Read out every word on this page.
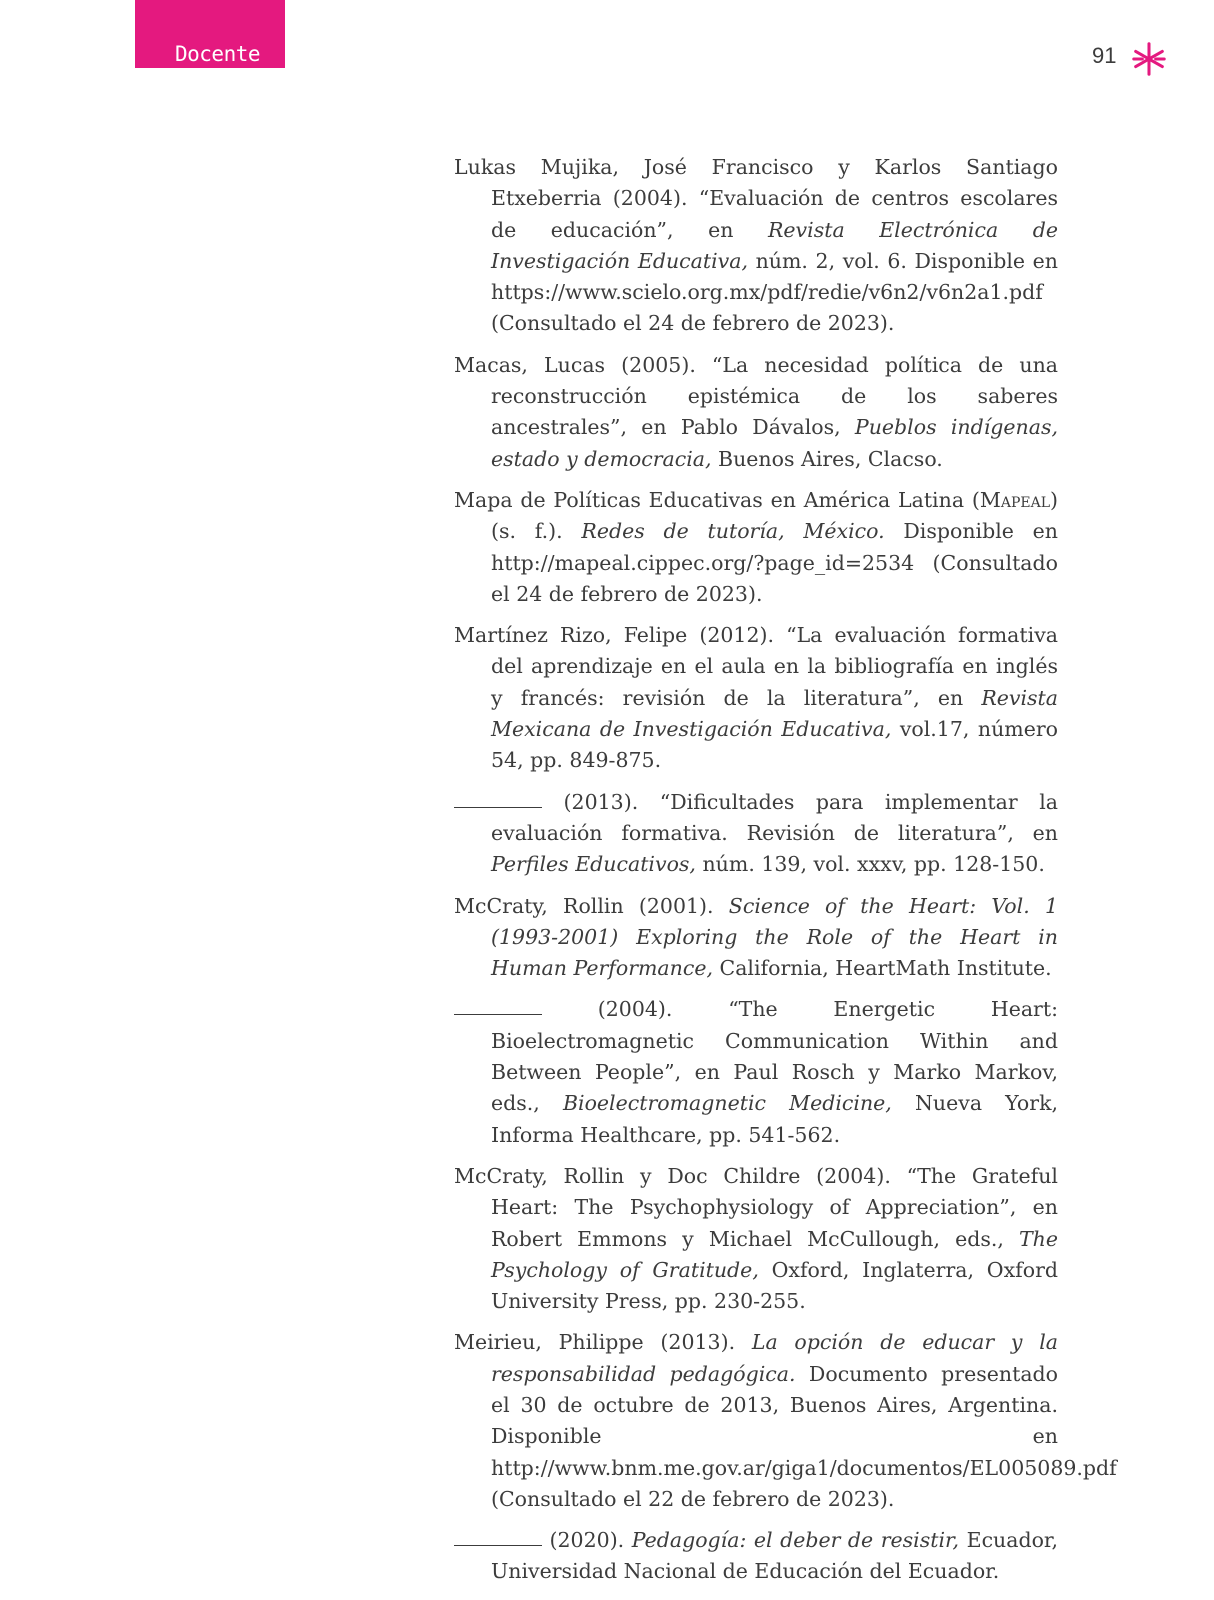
Docente	91

Lukas Mujika, José Francisco y Karlos Santiago Etxeberria (2004). “Evaluación de centros escolares de educación”, en Revista Electrónica de Investigación Educativa, núm. 2, vol. 6. Disponible en https://www.scielo.org.mx/pdf/redie/v6n2/v6n2a1.pdf (Consultado el 24 de febrero de 2023).

Macas, Lucas (2005). “La necesidad política de una reconstrucción epistémica de los saberes ancestrales”, en Pablo Dávalos, Pueblos indígenas, estado y democracia, Buenos Aires, Clacso.

Mapa de Políticas Educativas en América Latina (Mapeal) (s. f.). Redes de tutoría, México. Disponible en http://mapeal.cippec.org/?page_id=2534 (Consultado el 24 de febrero de 2023).

Martínez Rizo, Felipe (2012). “La evaluación formativa del aprendizaje en el aula en la bibliografía en inglés y francés: revisión de la literatura”, en Revista Mexicana de Investigación Educativa, vol.17, número 54, pp. 849-875.

(2013). “Dificultades para implementar la evaluación formativa. Revisión de literatura”, en Perfiles Educativos, núm. 139, vol. xxxv, pp. 128-150.

McCraty, Rollin (2001). Science of the Heart: Vol. 1 (1993-2001) Exploring the Role of the Heart in Human Performance, California, HeartMath Institute.

(2004). “The Energetic Heart: Bioelectromagnetic Communication Within and Between People”, en Paul Rosch y Marko Markov, eds., Bioelectromagnetic Medicine, Nueva York, Informa Healthcare, pp. 541-562.

McCraty, Rollin y Doc Childre (2004). “The Grateful Heart: The Psychophysiology of Appreciation”, en Robert Emmons y Michael McCullough, eds., The Psychology of Gratitude, Oxford, Inglaterra, Oxford University Press, pp. 230-255.

Meirieu, Philippe (2013). La opción de educar y la responsabilidad pedagógica. Documento presentado el 30 de octubre de 2013, Buenos Aires, Argentina. Disponible en http://www.bnm.me.gov.ar/giga1/documentos/EL005089.pdf (Consultado el 22 de febrero de 2023).

(2020). Pedagogía: el deber de resistir, Ecuador, Universidad Nacional de Educación del Ecuador.
